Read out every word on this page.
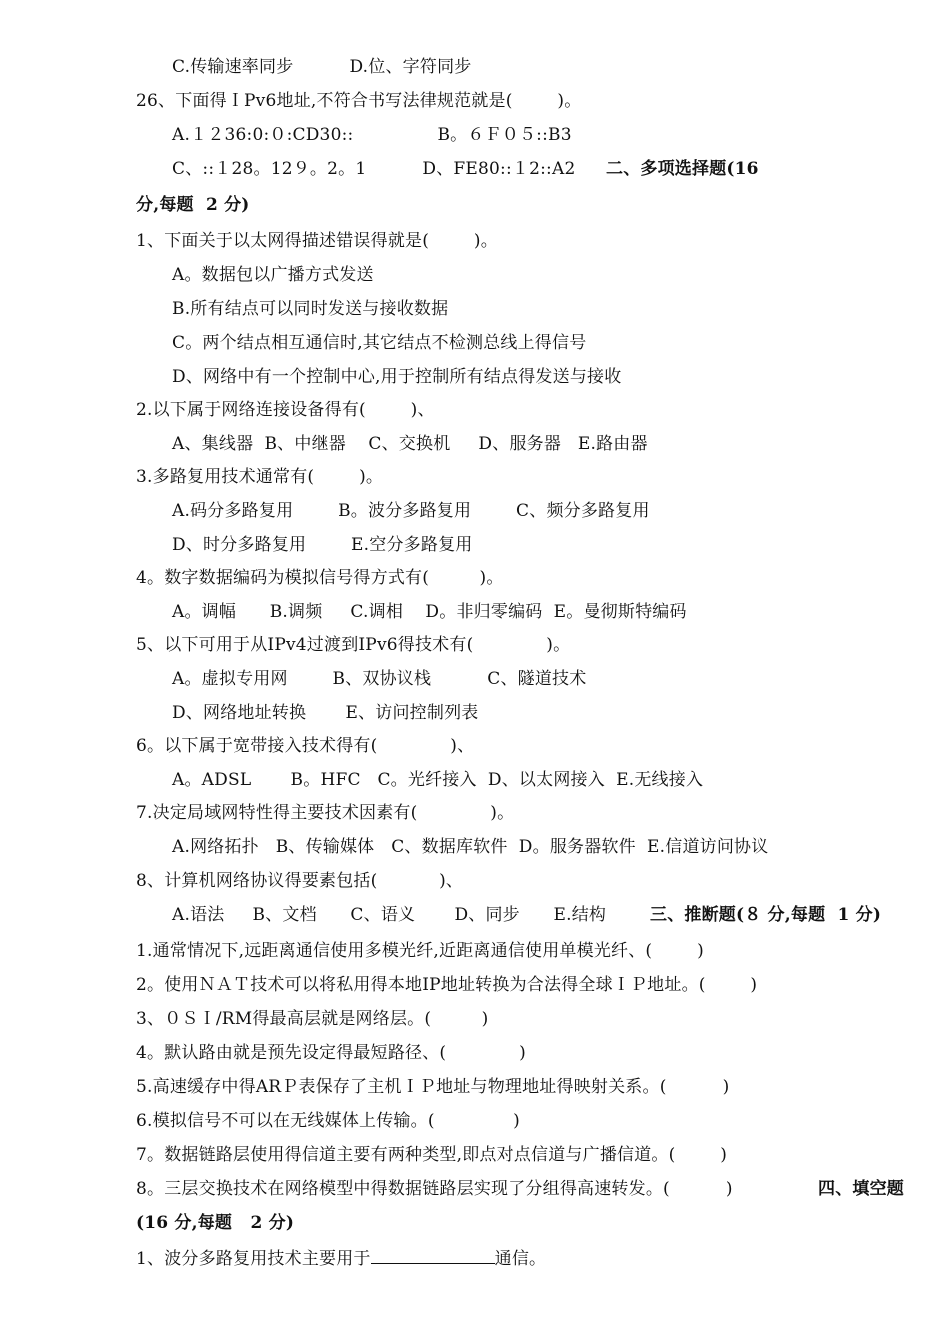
C.传输速率同步          D.位、字符同步
26、下面得ＩPv6地址,不符合书写法律规范就是(        )。
A.１２36:0:０:CD30::               B。６Ｆ０５::B3
C、::１28。12９。2。1          D、FE80::１2::A2 二、多项选择题(16
分,每题  2 分)
1、下面关于以太网得描述错误得就是(        )。
A。数据包以广播方式发送
B.所有结点可以同时发送与接收数据
C。两个结点相互通信时,其它结点不检测总线上得信号
D、网络中有一个控制中心,用于控制所有结点得发送与接收
2.以下属于网络连接设备得有(        )、
A、集线器  B、中继器    C、交换机     D、服务器   E.路由器
3.多路复用技术通常有(        )。
A.码分多路复用        B。波分多路复用        C、频分多路复用
D、时分多路复用        E.空分多路复用
4。数字数据编码为模拟信号得方式有(         )。
A。调幅      B.调频     C.调相    D。非归零编码  E。曼彻斯特编码
5、以下可用于从IPv4过渡到IPv6得技术有(             )。
A。虚拟专用网        B、双协议栈          C、隧道技术
D、网络地址转换       E、访问控制列表
6。以下属于宽带接入技术得有(             )、
A。ADSL       B。HFC   C。光纤接入  D、以太网接入  E.无线接入
7.决定局域网特性得主要技术因素有(             )。
A.网络拓扑   B、传输媒体   C、数据库软件  D。服务器软件  E.信道访问协议
8、计算机网络协议得要素包括(           )、
A.语法     B、文档      C、语义       D、同步      E.结构	三、推断题(８ 分,每题  1 分)
1.通常情况下,远距离通信使用多模光纤,近距离通信使用单模光纤、(        )
2。使用ＮＡＴ技术可以将私用得本地IP地址转换为合法得全球ＩＰ地址。(        )
3、０ＳＩ/RM得最高层就是网络层。(         )
4。默认路由就是预先设定得最短路径、(             )
5.高速缓存中得ARＰ表保存了主机ＩＰ地址与物理地址得映射关系。(          )
6.模拟信号不可以在无线媒体上传输。(              )
7。数据链路层使用得信道主要有两种类型,即点对点信道与广播信道。(        )
8。三层交换技术在网络模型中得数据链路层实现了分组得高速转发。(          )	四、填空题
(16 分,每题   2 分)
1、波分多路复用技术主要用于	通信。
